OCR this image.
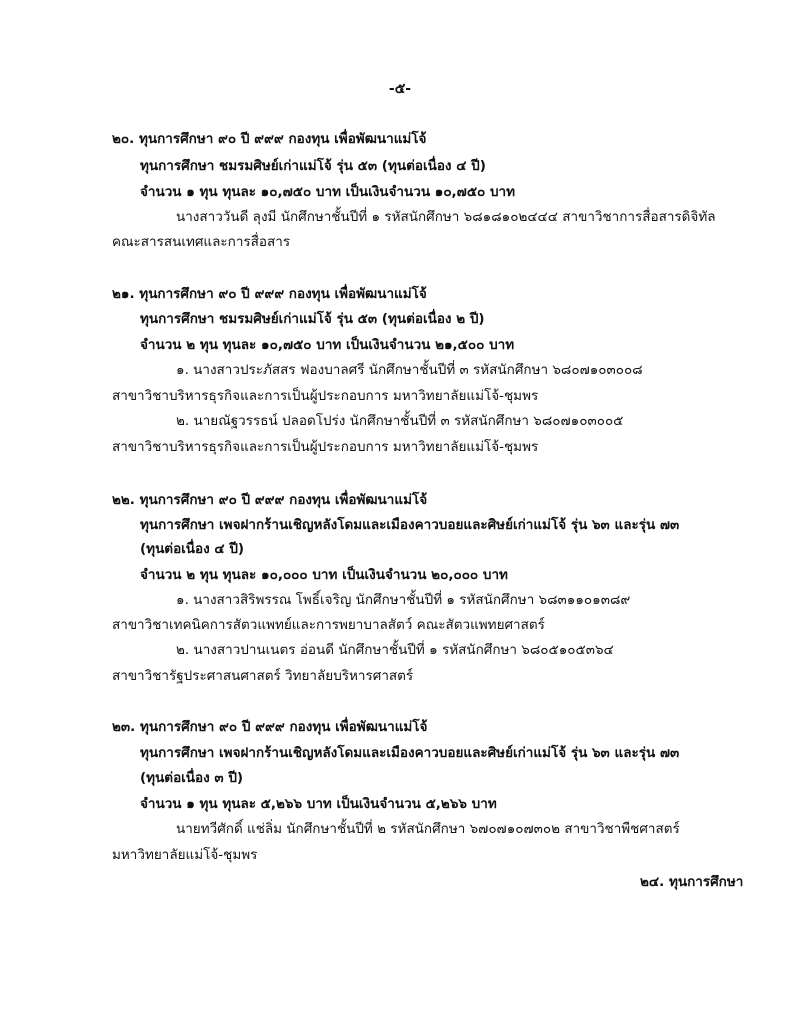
-๕-
๒๐. ทุนการศึกษา ๙๐ ปี ๙๙๙ กองทุน เพื่อพัฒนาแม่โจ้
ทุนการศึกษา ชมรมศิษย์เก่าแม่โจ้ รุ่น ๕๓ (ทุนต่อเนื่อง ๔ ปี)
จำนวน ๑ ทุน ทุนละ ๑๐,๗๕๐ บาท เป็นเงินจำนวน ๑๐,๗๕๐ บาท
นางสาววันดี ลุงมี นักศึกษาชั้นปีที่ ๑ รหัสนักศึกษา ๖๘๑๘๑๐๒๔๔๔ สาขาวิชาการสื่อสารดิจิทัล
คณะสารสนเทศและการสื่อสาร
๒๑. ทุนการศึกษา ๙๐ ปี ๙๙๙ กองทุน เพื่อพัฒนาแม่โจ้
ทุนการศึกษา ชมรมศิษย์เก่าแม่โจ้ รุ่น ๕๓ (ทุนต่อเนื่อง ๒ ปี)
จำนวน ๒ ทุน ทุนละ ๑๐,๗๕๐ บาท เป็นเงินจำนวน ๒๑,๕๐๐ บาท
๑. นางสาวประภัสสร ฟองบาลศรี นักศึกษาชั้นปีที่ ๓ รหัสนักศึกษา ๖๘๐๗๑๐๓๐๐๘
สาขาวิชาบริหารธุรกิจและการเป็นผู้ประกอบการ มหาวิทยาลัยแม่โจ้-ชุมพร
๒. นายณัฐวรรธน์ ปลอดโปร่ง นักศึกษาชั้นปีที่ ๓ รหัสนักศึกษา ๖๘๐๗๑๐๓๐๐๕
สาขาวิชาบริหารธุรกิจและการเป็นผู้ประกอบการ มหาวิทยาลัยแม่โจ้-ชุมพร
๒๒. ทุนการศึกษา ๙๐ ปี ๙๙๙ กองทุน เพื่อพัฒนาแม่โจ้
ทุนการศึกษา เพจฝากร้านเชิญหลังโดมและเมืองคาวบอยและศิษย์เก่าแม่โจ้ รุ่น ๖๓ และรุ่น ๗๓
(ทุนต่อเนื่อง ๔ ปี)
จำนวน ๒ ทุน ทุนละ ๑๐,๐๐๐ บาท เป็นเงินจำนวน ๒๐,๐๐๐ บาท
๑. นางสาวสิริพรรณ โพธิ์เจริญ นักศึกษาชั้นปีที่ ๑ รหัสนักศึกษา ๖๘๓๑๑๐๑๓๘๙
สาขาวิชาเทคนิคการสัตวแพทย์และการพยาบาลสัตว์ คณะสัตวแพทยศาสตร์
๒. นางสาวปานเนตร อ่อนดี นักศึกษาชั้นปีที่ ๑ รหัสนักศึกษา ๖๘๐๕๑๐๕๓๖๔
สาขาวิชารัฐประศาสนศาสตร์ วิทยาลัยบริหารศาสตร์
๒๓. ทุนการศึกษา ๙๐ ปี ๙๙๙ กองทุน เพื่อพัฒนาแม่โจ้
ทุนการศึกษา เพจฝากร้านเชิญหลังโดมและเมืองคาวบอยและศิษย์เก่าแม่โจ้ รุ่น ๖๓ และรุ่น ๗๓
(ทุนต่อเนื่อง ๓ ปี)
จำนวน ๑ ทุน ทุนละ ๕,๒๖๖ บาท เป็นเงินจำนวน ๕,๒๖๖ บาท
นายทวีศักดิ์ แช่ลิ่ม นักศึกษาชั้นปีที่ ๒ รหัสนักศึกษา ๖๗๐๗๑๐๗๓๐๒ สาขาวิชาพืชศาสตร์
มหาวิทยาลัยแม่โจ้-ชุมพร
๒๔. ทุนการศึกษา
